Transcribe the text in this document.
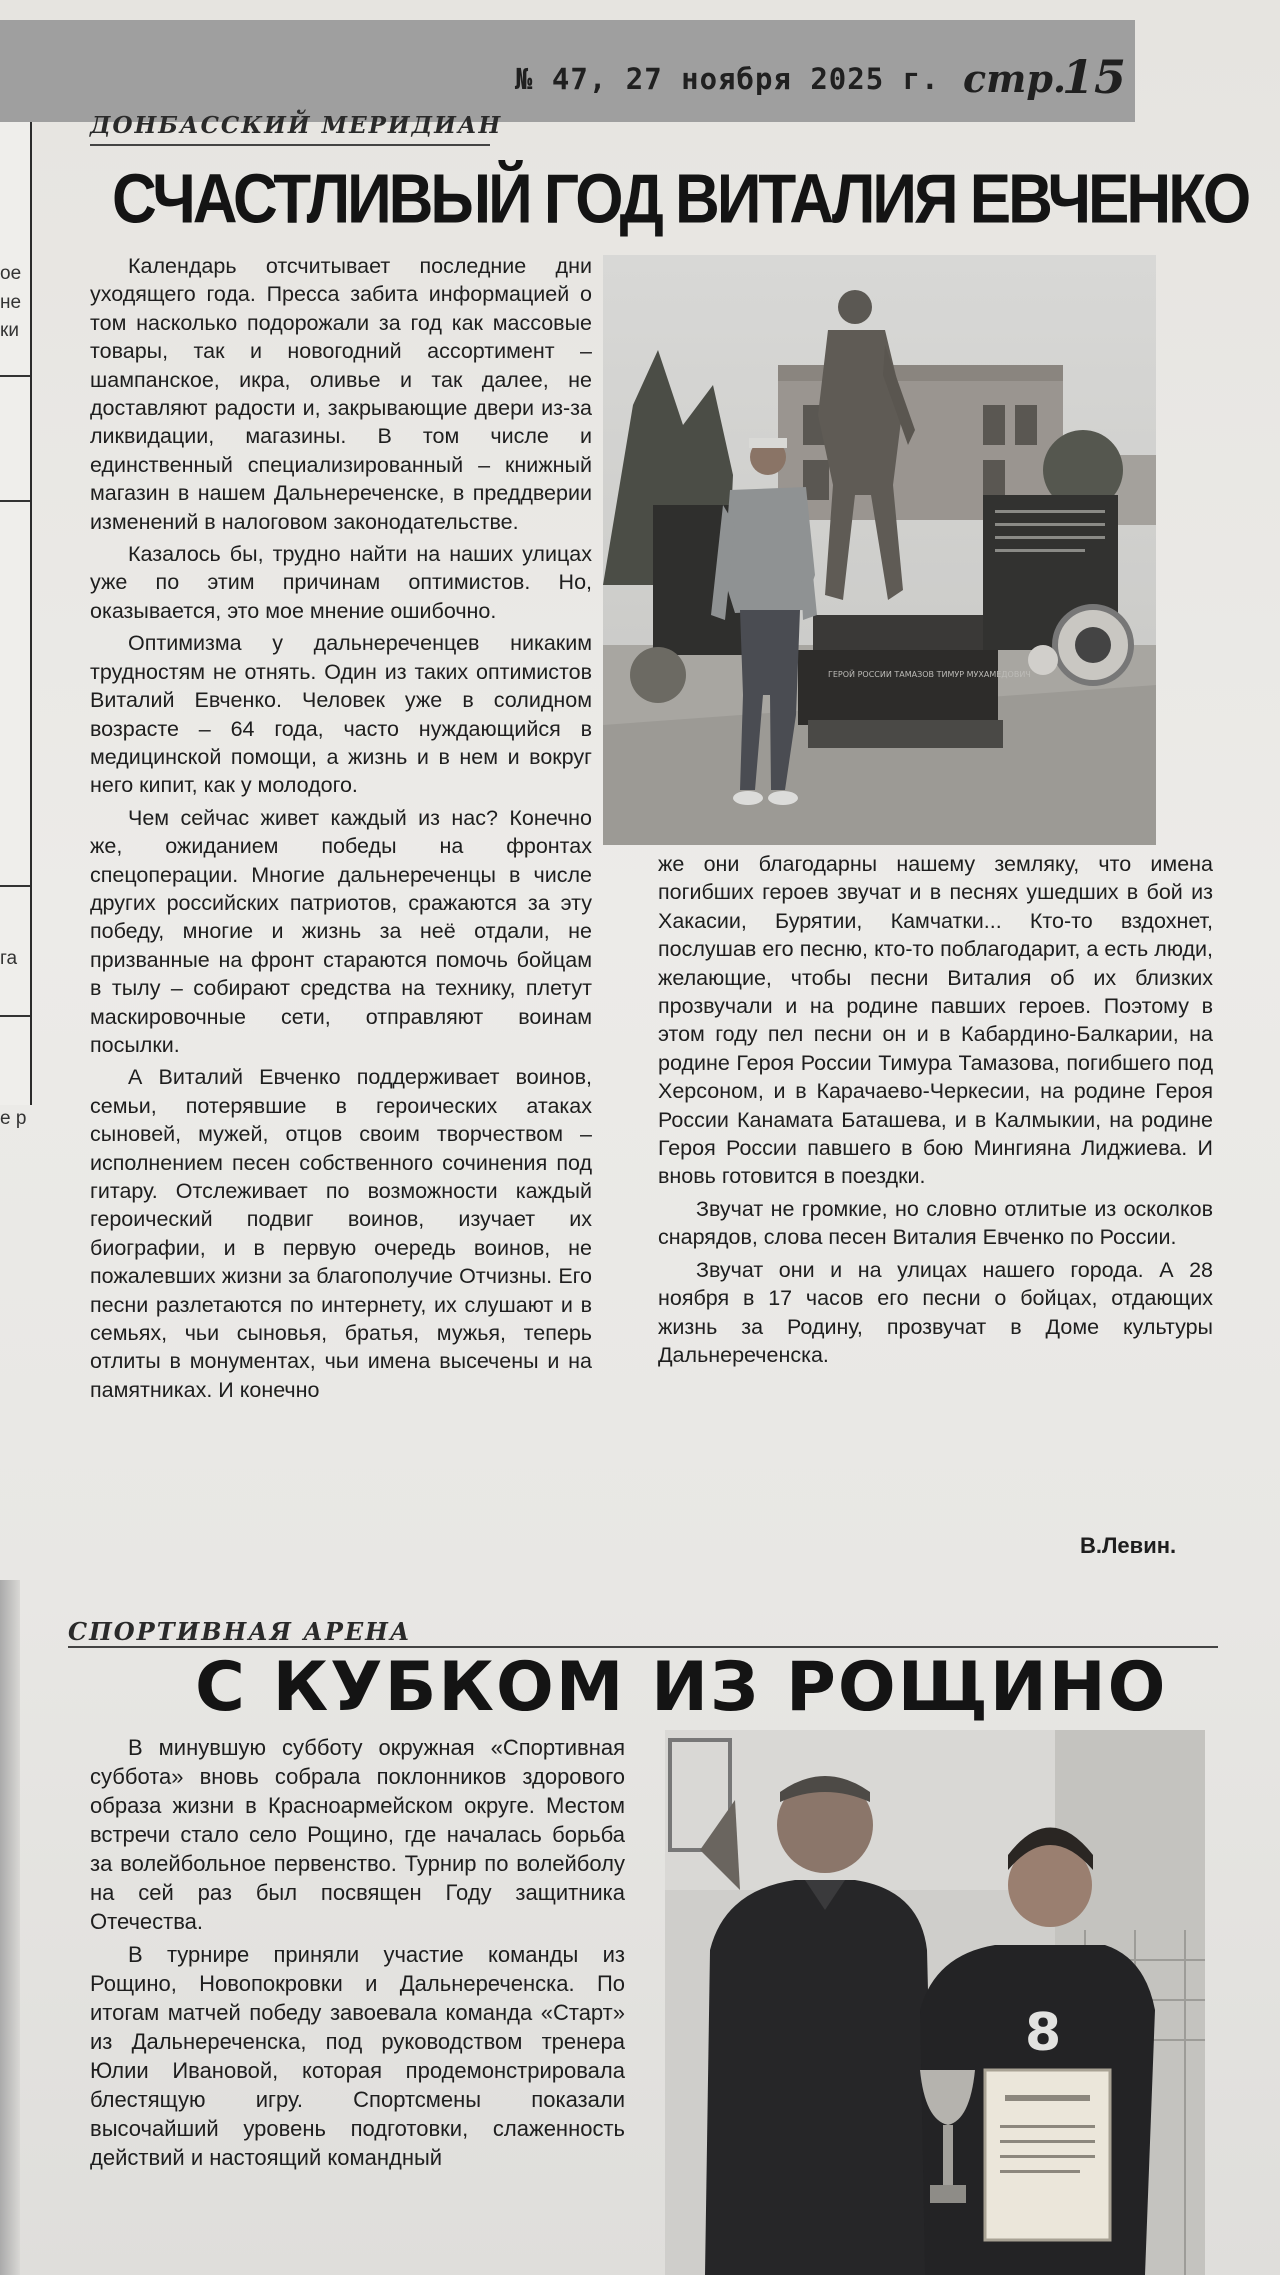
ое
не
ки
га
е р
№ 47, 27 ноября 2025 г. стр.
15
ДОНБАССКИЙ МЕРИДИАН
СЧАСТЛИВЫЙ ГОД ВИТАЛИЯ ЕВЧЕНКО

Календарь отсчитывает последние дни уходящего года. Пресса забита информацией о том насколько подорожали за год как массовые товары, так и новогодний ассортимент – шампанское, икра, оливье и так далее, не доставляют радости и, закрывающие двери из-за ликвидации, магазины. В том числе и единственный специализированный – книжный магазин в нашем Дальнереченске, в преддверии изменений в налоговом законодательстве.

Казалось бы, трудно найти на наших улицах уже по этим причинам оптимистов. Но, оказывается, это мое мнение ошибочно.

Оптимизма у дальнереченцев никаким трудностям не отнять. Один из таких оптимистов Виталий Евченко. Человек уже в солидном возрасте – 64 года, часто нуждающийся в медицинской помощи, а жизнь и в нем и вокруг него кипит, как у молодого.

Чем сейчас живет каждый из нас? Конечно же, ожиданием победы на фронтах спецоперации. Многие дальнереченцы в числе других российских патриотов, сражаются за эту победу, многие и жизнь за неё отдали, не призванные на фронт стараются помочь бойцам в тылу – собирают средства на технику, плетут маскировочные сети, отправляют воинам посылки.

А Виталий Евченко поддерживает воинов, семьи, потерявшие в героических атаках сыновей, мужей, отцов своим творчеством – исполнением песен собственного сочинения под гитару. Отслеживает по возможности каждый героический подвиг воинов, изучает их биографии, и в первую очередь воинов, не пожалевших жизни за благополучие Отчизны. Его песни разлетаются по интернету, их слушают и в семьях, чьи сыновья, братья, мужья, теперь отлиты в монументах, чьи имена высечены и на памятниках. И конечно

ГЕРОЙ РОССИИ ТАМАЗОВ ТИМУР МУХАМЕДОВИЧ

же они благодарны нашему земляку, что имена погибших героев звучат и в песнях ушедших в бой из Хакасии, Бурятии, Камчатки... Кто-то вздохнет, послушав его песню, кто-то поблагодарит, а есть люди, желающие, чтобы песни Виталия об их близких прозвучали и на родине павших героев. Поэтому в этом году пел песни он и в Кабардино-Балкарии, на родине Героя России Тимура Тамазова, погибшего под Херсоном, и в Карачаево-Черкесии, на родине Героя России Канамата Баташева, и в Калмыкии, на родине Героя России павшего в бою Мингияна Лиджиева. И вновь готовится в поездки.

Звучат не громкие, но словно отлитые из осколков снарядов, слова песен Виталия Евченко по России.

Звучат они и на улицах нашего города. А 28 ноября в 17 часов его песни о бойцах, отдающих жизнь за Родину, прозвучат в Доме культуры Дальнереченска.

В.Левин.
СПОРТИВНАЯ АРЕНА
С КУБКОМ ИЗ РОЩИНО

В минувшую субботу окружная «Спортивная суббота» вновь собрала поклонников здорового образа жизни в Красноармейском округе. Местом встречи стало село Рощино, где началась борьба за волейбольное первенство. Турнир по волейболу на сей раз был посвящен Году защитника Отечества.

В турнире приняли участие команды из Рощино, Новопокровки и Дальнереченска. По итогам матчей победу завоевала команда «Старт» из Дальнереченска, под руководством тренера Юлии Ивановой, которая продемонстрировала блестящую игру. Спортсмены показали высочайший уровень подготовки, слаженность действий и настоящий командный

8
